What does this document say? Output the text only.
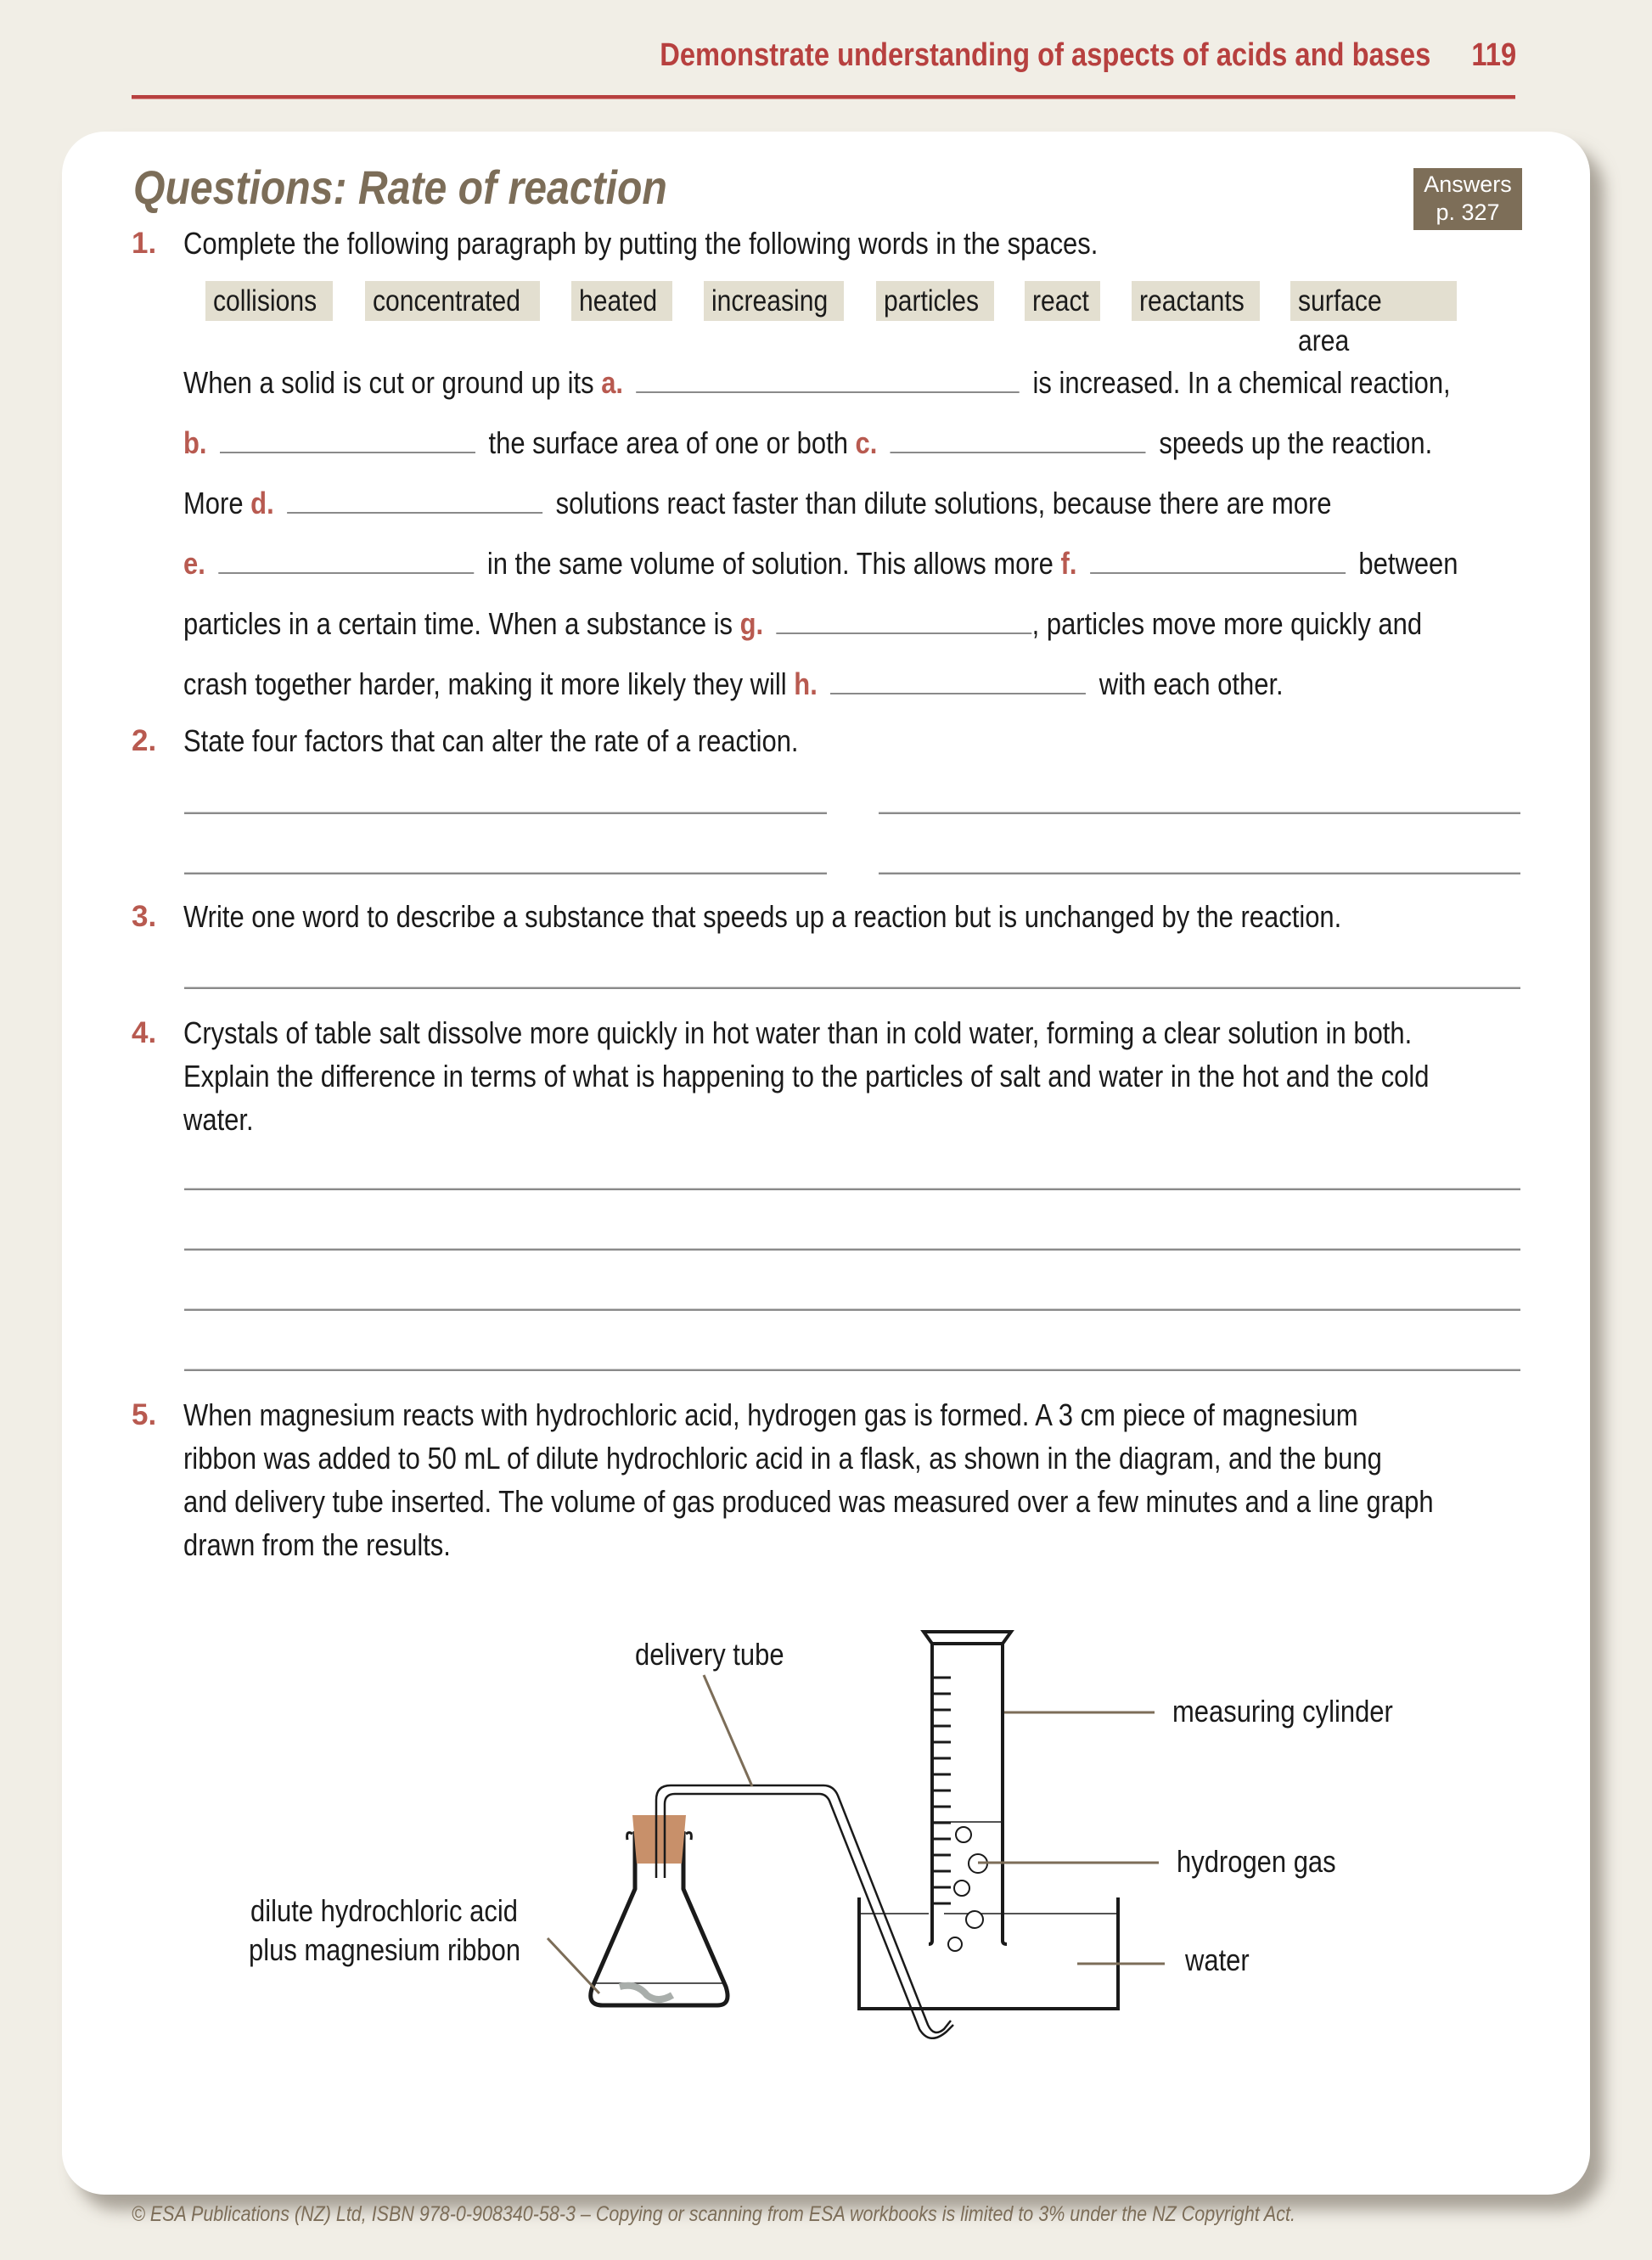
Demonstrate understanding of aspects of acids and bases 119
Questions: Rate of reaction	Answers
p. 327
1. Complete the following paragraph by putting the following words in the spaces.
collisions	concentrated	heated	increasing	particles	react	reactants	surface area
When a solid is cut or ground up its a.	is increased. In a chemical reaction,
b.	the surface area of one or both c.	speeds up the reaction.
More d.	solutions react faster than dilute solutions, because there are more
e.	in the same volume of solution. This allows more f.	between
particles in a certain time. When a substance is g.	, particles move more quickly and
crash together harder, making it more likely they will h.	with each other.
2. State four factors that can alter the rate of a reaction.
3. Write one word to describe a substance that speeds up a reaction but is unchanged by the reaction.
4. Crystals of table salt dissolve more quickly in hot water than in cold water, forming a clear solution in both.
Explain the difference in terms of what is happening to the particles of salt and water in the hot and the cold
water.
5. When magnesium reacts with hydrochloric acid, hydrogen gas is formed. A 3 cm piece of magnesium
ribbon was added to 50 mL of dilute hydrochloric acid in a flask, as shown in the diagram, and the bung
and delivery tube inserted. The volume of gas produced was measured over a few minutes and a line graph
drawn from the results.
delivery tube
measuring cylinder
hydrogen gas
water
dilute hydrochloric acid
plus magnesium ribbon
© ESA Publications (NZ) Ltd, ISBN 978-0-908340-58-3 – Copying or scanning from ESA workbooks is limited to 3% under the NZ Copyright Act.
